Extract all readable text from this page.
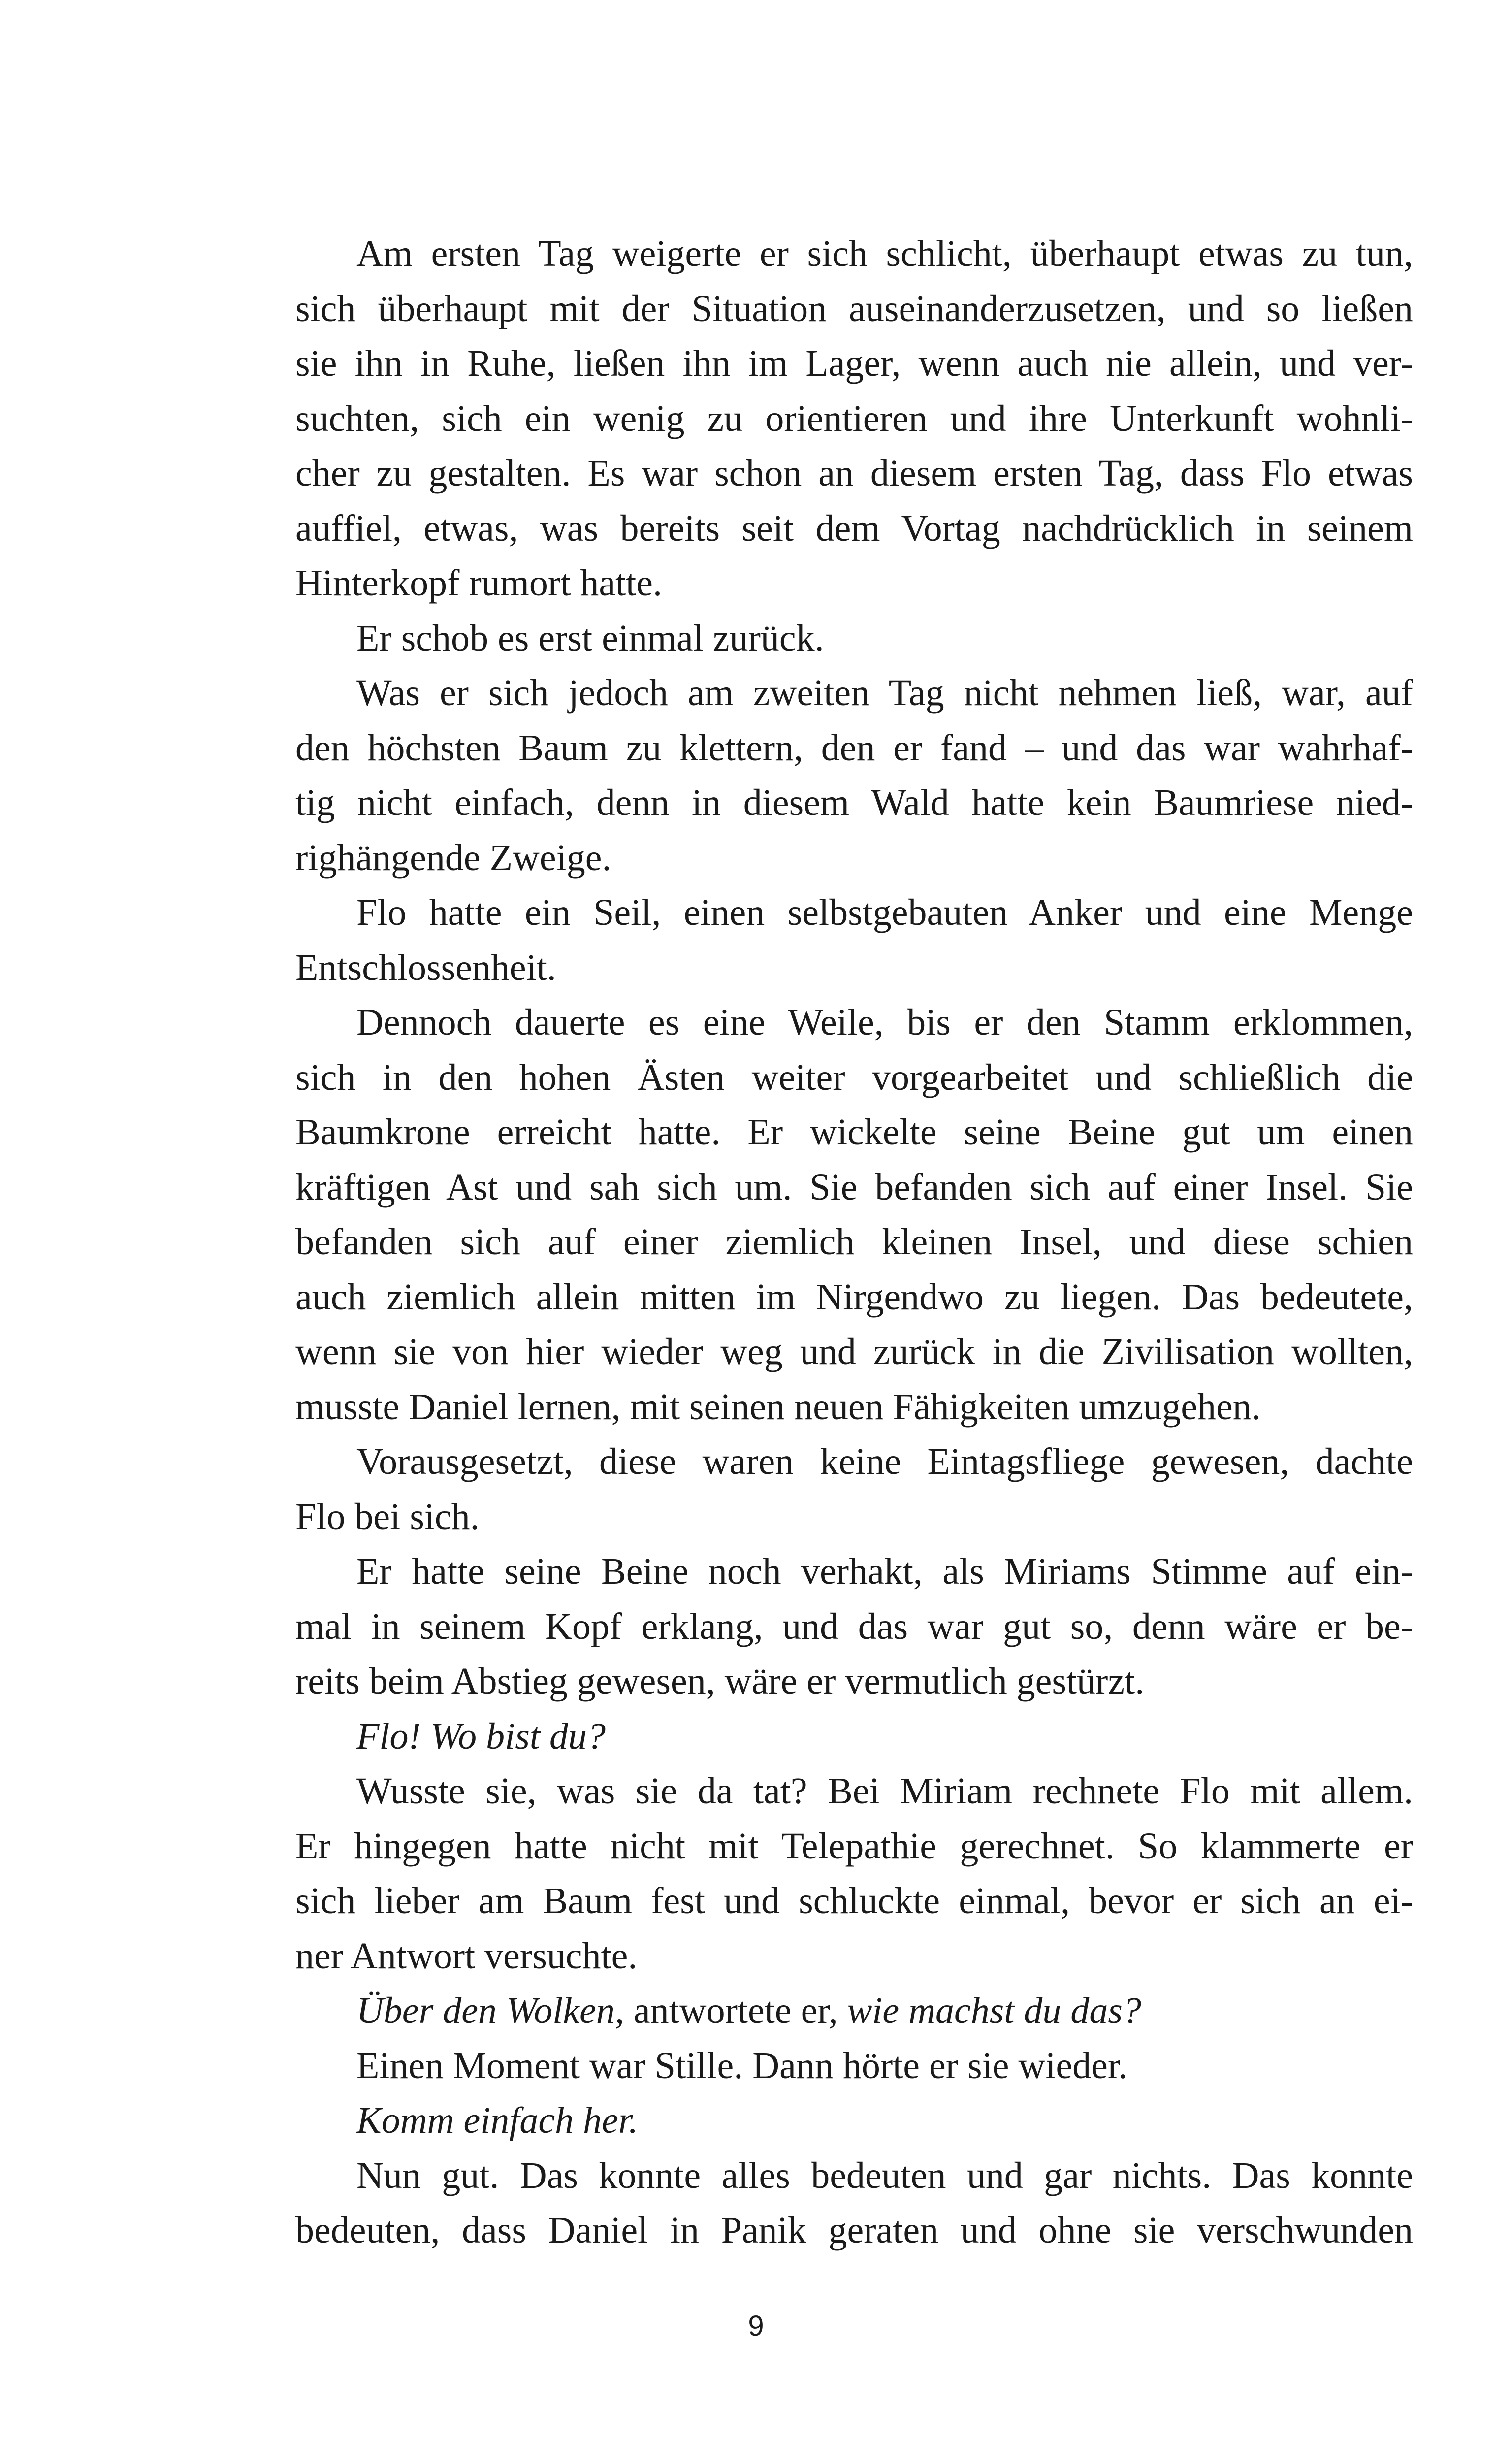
Am ersten Tag weigerte er sich schlicht, überhaupt etwas zu tun,
sich überhaupt mit der Situation auseinanderzusetzen, und so ließen
sie ihn in Ruhe, ließen ihn im Lager, wenn auch nie allein, und ver-
suchten, sich ein wenig zu orientieren und ihre Unterkunft wohnli-
cher zu gestalten. Es war schon an diesem ersten Tag, dass Flo etwas
auffiel, etwas, was bereits seit dem Vortag nachdrücklich in seinem
Hinterkopf rumort hatte.
Er schob es erst einmal zurück.
Was er sich jedoch am zweiten Tag nicht nehmen ließ, war, auf
den höchsten Baum zu klettern, den er fand – und das war wahrhaf-
tig nicht einfach, denn in diesem Wald hatte kein Baumriese nied-
righängende Zweige.
Flo hatte ein Seil, einen selbstgebauten Anker und eine Menge
Entschlossenheit.
Dennoch dauerte es eine Weile, bis er den Stamm erklommen,
sich in den hohen Ästen weiter vorgearbeitet und schließlich die
Baumkrone erreicht hatte. Er wickelte seine Beine gut um einen
kräftigen Ast und sah sich um. Sie befanden sich auf einer Insel. Sie
befanden sich auf einer ziemlich kleinen Insel, und diese schien
auch ziemlich allein mitten im Nirgendwo zu liegen. Das bedeutete,
wenn sie von hier wieder weg und zurück in die Zivilisation wollten,
musste Daniel lernen, mit seinen neuen Fähigkeiten umzugehen.
Vorausgesetzt, diese waren keine Eintagsfliege gewesen, dachte
Flo bei sich.
Er hatte seine Beine noch verhakt, als Miriams Stimme auf ein-
mal in seinem Kopf erklang, und das war gut so, denn wäre er be-
reits beim Abstieg gewesen, wäre er vermutlich gestürzt.
Flo! Wo bist du?
Wusste sie, was sie da tat? Bei Miriam rechnete Flo mit allem.
Er hingegen hatte nicht mit Telepathie gerechnet. So klammerte er
sich lieber am Baum fest und schluckte einmal, bevor er sich an ei-
ner Antwort versuchte.
Über den Wolken, antwortete er, wie machst du das?
Einen Moment war Stille. Dann hörte er sie wieder.
Komm einfach her.
Nun gut. Das konnte alles bedeuten und gar nichts. Das konnte
bedeuten, dass Daniel in Panik geraten und ohne sie verschwunden
9
